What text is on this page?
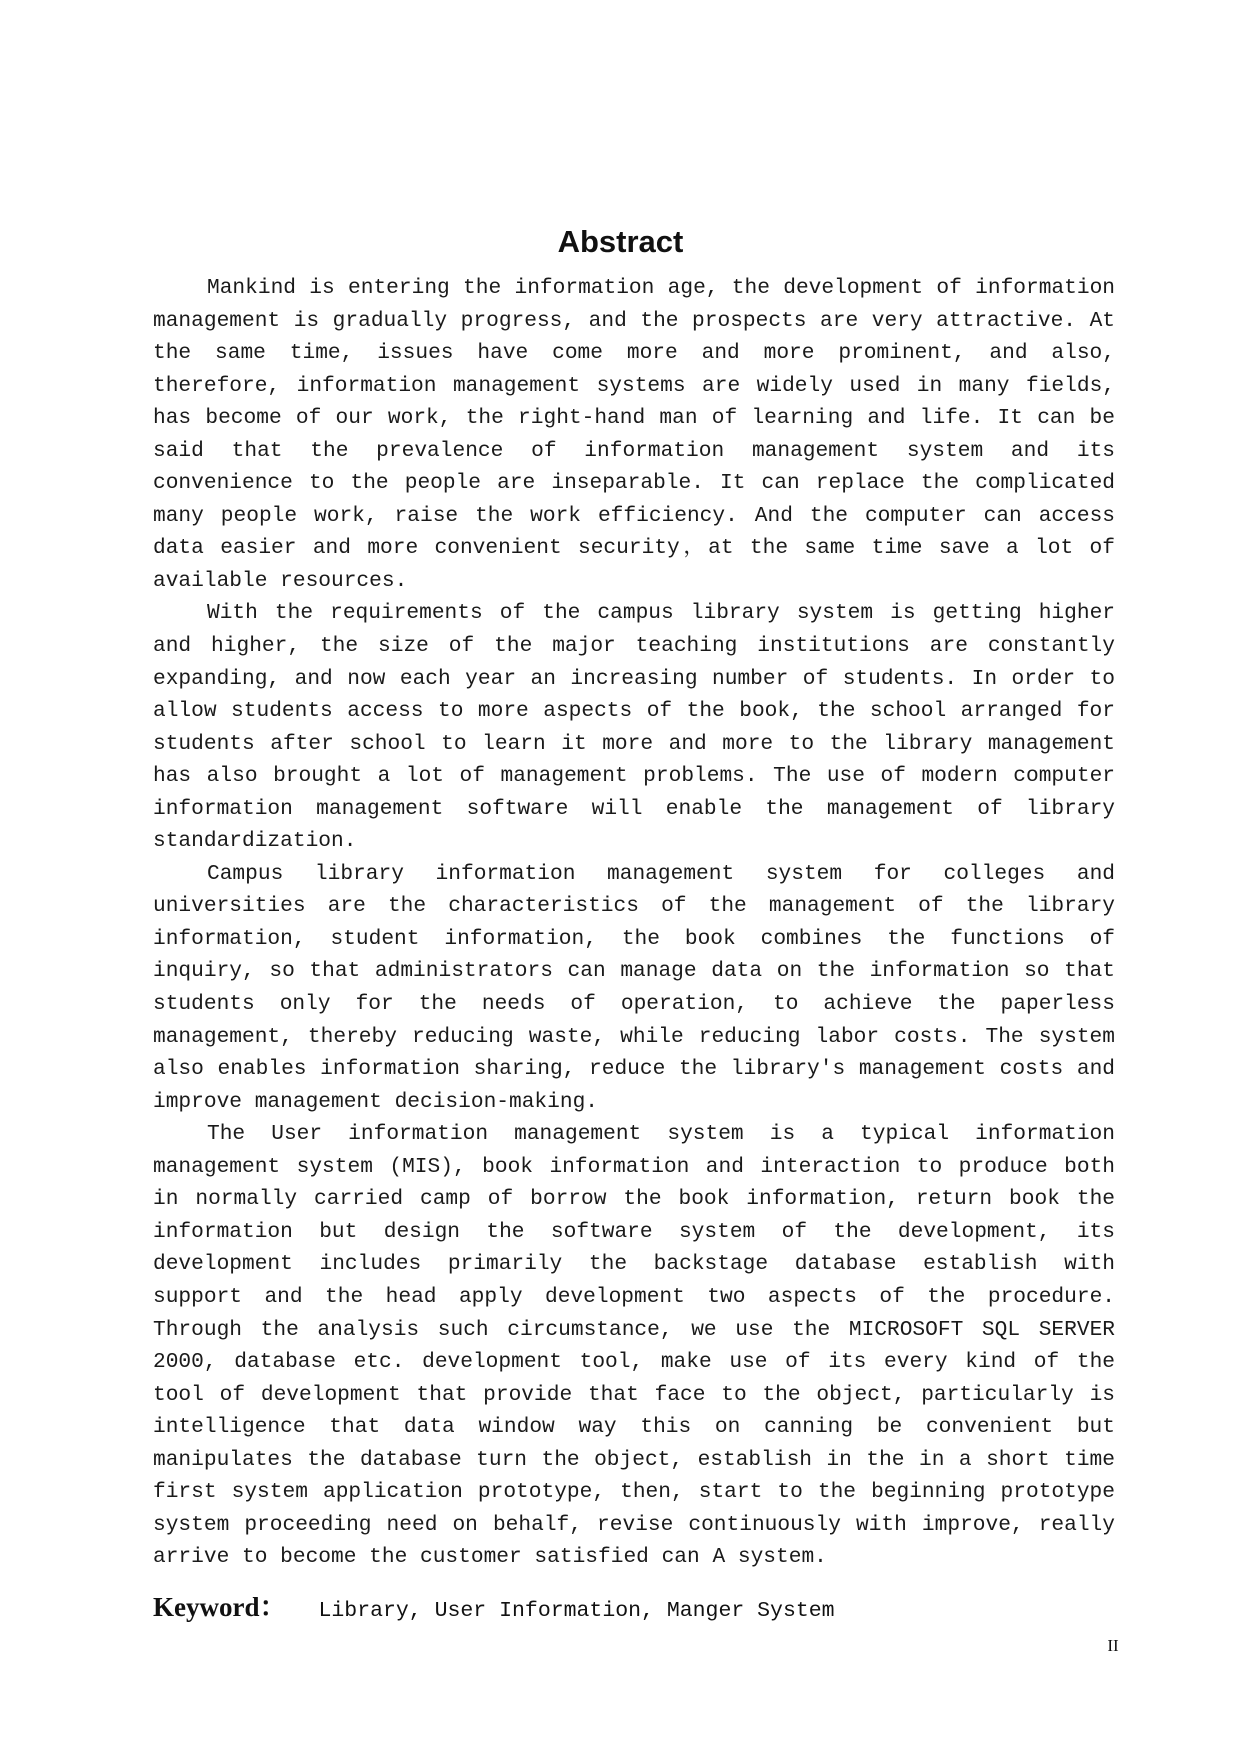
Abstract

Mankind is entering the information age, the development of information management is gradually progress, and the prospects are very attractive. At the same time, issues have come more and more prominent, and also, therefore, information management systems are widely used in many fields, has become of our work, the right-hand man of learning and life. It can be said that the prevalence of information management system and its convenience to the people are inseparable. It can replace the complicated many people work, raise the work efficiency. And the computer can access data easier and more convenient security，at the same time save a lot of available resources.

With the requirements of the campus library system is getting higher and higher, the size of the major teaching institutions are constantly expanding, and now each year an increasing number of students. In order to allow students access to more aspects of the book, the school arranged for students after school to learn it more and more to the library management has also brought a lot of management problems. The use of modern computer information management software will enable the management of library standardization.

Campus library information management system for colleges and universities are the characteristics of the management of the library information, student information, the book combines the functions of inquiry, so that administrators can manage data on the information so that students only for the needs of operation, to achieve the paperless management, thereby reducing waste, while reducing labor costs. The system also enables information sharing, reduce the library's management costs and improve management decision-making.

The User information management system is a typical information management system (MIS), book information and interaction to produce both in normally carried camp of borrow the book information, return book the information but design the software system of the development, its development includes primarily the backstage database establish with support and the head apply development two aspects of the procedure. Through the analysis such circumstance, we use the MICROSOFT SQL SERVER 2000, database etc. development tool, make use of its every kind of the tool of development that provide that face to the object, particularly is intelligence that data window way this on canning be convenient but manipulates the database turn the object, establish in the in a short time first system application prototype, then, start to the beginning prototype system proceeding need on behalf, revise continuously with improve, really arrive to become the customer satisfied can A system.

Keyword： Library, User Information, Manger System
II
